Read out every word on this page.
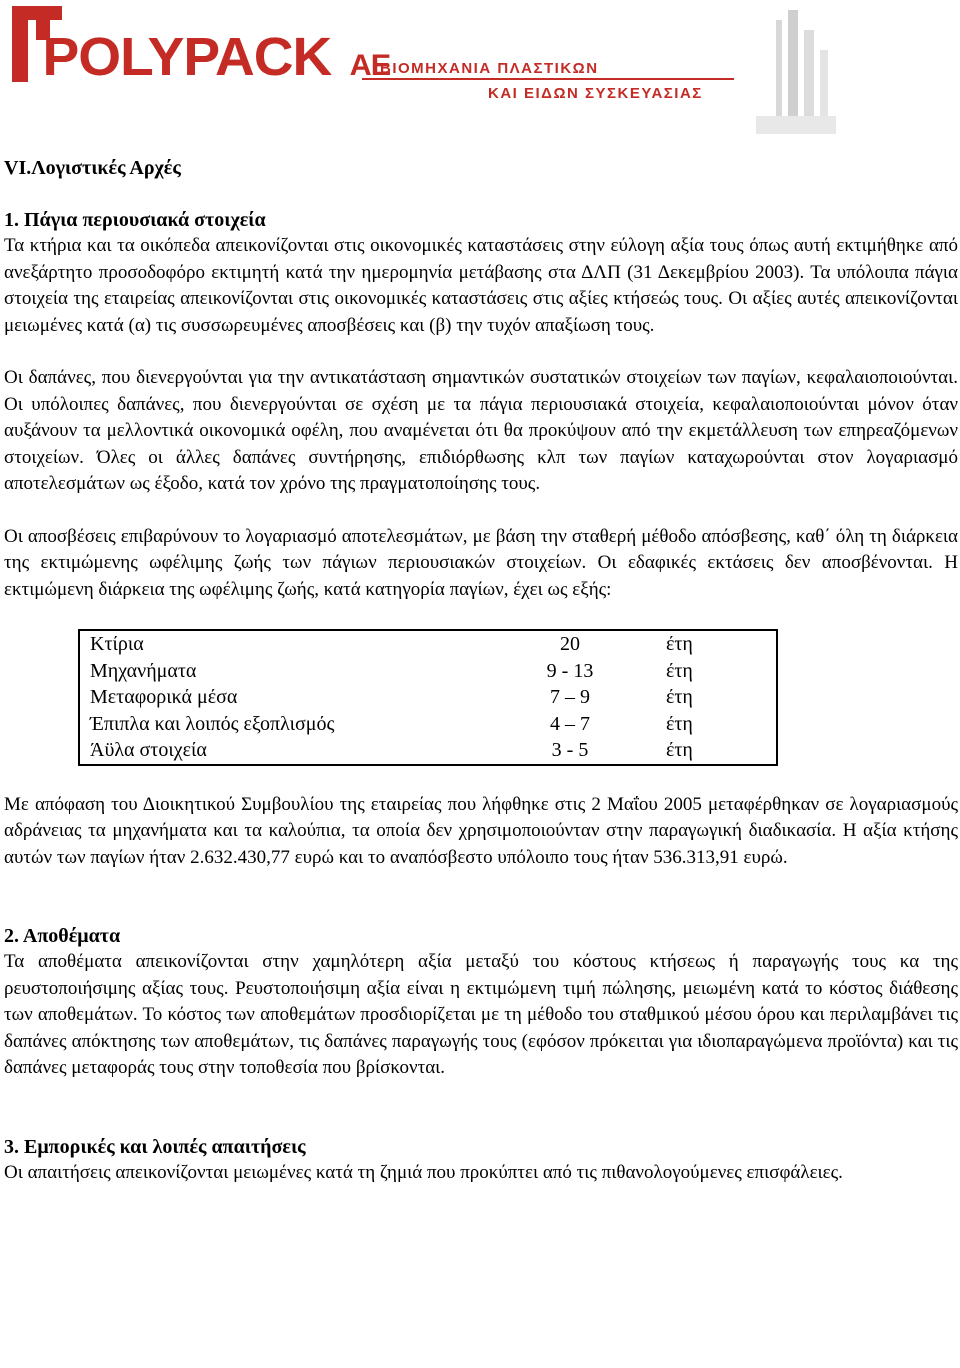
POLYPACK ΑΕ
ΒΙΟΜΗΧΑΝΙΑ ΠΛΑΣΤΙΚΩΝ
ΚΑΙ ΕΙΔΩΝ ΣΥΣΚΕΥΑΣΙΑΣ
VI.Λογιστικές Αρχές
1. Πάγια περιουσιακά στοιχεία

Τα κτήρια και τα οικόπεδα απεικονίζονται στις οικονομικές καταστάσεις στην εύλογη αξία τους όπως αυτή εκτιμήθηκε από ανεξάρτητο προσοδοφόρο εκτιμητή κατά την ημερομηνία μετάβασης στα ΔΛΠ (31 Δεκεμβρίου 2003). Τα υπόλοιπα πάγια στοιχεία της εταιρείας απεικονίζονται στις οικονομικές καταστάσεις στις αξίες κτήσεώς τους. Οι αξίες αυτές απεικονίζονται μειωμένες κατά (α) τις συσσωρευμένες αποσβέσεις και (β) την τυχόν απαξίωση τους.

Οι δαπάνες, που διενεργούνται για την αντικατάσταση σημαντικών συστατικών στοιχείων των παγίων, κεφαλαιοποιούνται. Οι υπόλοιπες δαπάνες, που διενεργούνται σε σχέση με τα πάγια περιουσιακά στοιχεία, κεφαλαιοποιούνται μόνον όταν αυξάνουν τα μελλοντικά οικονομικά οφέλη, που αναμένεται ότι θα προκύψουν από την εκμετάλλευση των επηρεαζόμενων στοιχείων. Όλες οι άλλες δαπάνες συντήρησης, επιδιόρθωσης κλπ των παγίων καταχωρούνται στον λογαριασμό αποτελεσμάτων ως έξοδο, κατά τον χρόνο της πραγματοποίησης τους.

Οι αποσβέσεις επιβαρύνουν το λογαριασμό αποτελεσμάτων, με βάση την σταθερή μέθοδο απόσβεσης, καθ΄ όλη τη διάρκεια της εκτιμώμενης ωφέλιμης ζωής των πάγιων περιουσιακών στοιχείων. Οι εδαφικές εκτάσεις δεν αποσβένονται. Η εκτιμώμενη διάρκεια της ωφέλιμης ζωής, κατά κατηγορία παγίων, έχει ως εξής:

Κτίρια	20	έτη
Μηχανήματα	9 - 13	έτη
Μεταφορικά μέσα	7 – 9	έτη
Έπιπλα και λοιπός εξοπλισμός	4 – 7	έτη
Άϋλα στοιχεία	3 - 5	έτη

Με απόφαση του Διοικητικού Συμβουλίου της εταιρείας που λήφθηκε στις 2 Μαΐου 2005 μεταφέρθηκαν σε λογαριασμούς αδράνειας τα μηχανήματα και τα καλούπια, τα οποία δεν χρησιμοποιούνταν στην παραγωγική διαδικασία. Η αξία κτήσης αυτών των παγίων ήταν 2.632.430,77 ευρώ και το αναπόσβεστο υπόλοιπο τους ήταν 536.313,91 ευρώ.

2. Αποθέματα

Τα αποθέματα απεικονίζονται στην χαμηλότερη αξία μεταξύ του κόστους κτήσεως ή παραγωγής τους κα της ρευστοποιήσιμης αξίας τους. Ρευστοποιήσιμη αξία είναι η εκτιμώμενη τιμή πώλησης, μειωμένη κατά το κόστος διάθεσης των αποθεμάτων. Το κόστος των αποθεμάτων προσδιορίζεται με τη μέθοδο του σταθμικού μέσου όρου και περιλαμβάνει τις δαπάνες απόκτησης των αποθεμάτων, τις δαπάνες παραγωγής τους (εφόσον πρόκειται για ιδιοπαραγώμενα προϊόντα) και τις δαπάνες μεταφοράς τους στην τοποθεσία που βρίσκονται.

3. Εμπορικές και λοιπές απαιτήσεις

Οι απαιτήσεις απεικονίζονται μειωμένες κατά τη ζημιά που προκύπτει από τις πιθανολογούμενες επισφάλειες.
